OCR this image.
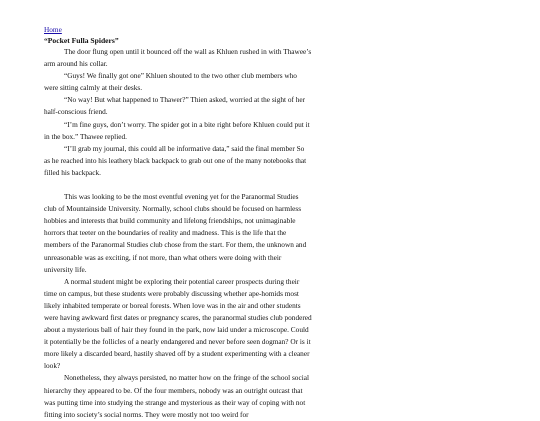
Home
“Pocket Fulla Spiders”

The door flung open until it bounced off the wall as Khluen rushed in with Thawee’s arm around his collar.

“Guys! We finally got one” Khluen shouted to the two other club members who were sitting calmly at their desks.

“No way! But what happened to Thawer?” Thien asked, worried at the sight of her half-conscious friend.

“I’m fine guys, don’t worry. The spider got in a bite right before Khluen could put it in the box.” Thawee replied.

“I’ll grab my journal, this could all be informative data,” said the final member So as he reached into his leathery black backpack to grab out one of the many notebooks that filled his backpack.

This was looking to be the most eventful evening yet for the Paranormal Studies club of Mountainside University. Normally, school clubs should be focused on harmless hobbies and interests that build community and lifelong friendships, not unimaginable horrors that teeter on the boundaries of reality and madness. This is the life that the members of the Paranormal Studies club chose from the start. For them, the unknown and unreasonable was as exciting, if not more, than what others were doing with their university life.

A normal student might be exploring their potential career prospects during their time on campus, but these students were probably discussing whether ape-homids most likely inhabited temperate or boreal forests. When love was in the air and other students were having awkward first dates or pregnancy scares, the paranormal studies club pondered about a mysterious ball of hair they found in the park, now laid under a microscope. Could it potentially be the follicles of a nearly endangered and never before seen dogman? Or is it more likely a discarded beard, hastily shaved off by a student experimenting with a cleaner look?

Nonetheless, they always persisted, no matter how on the fringe of the school social hierarchy they appeared to be. Of the four members, nobody was an outright outcast that was putting time into studying the strange and mysterious as their way of coping with not fitting into society’s social norms. They were mostly not too weird for
